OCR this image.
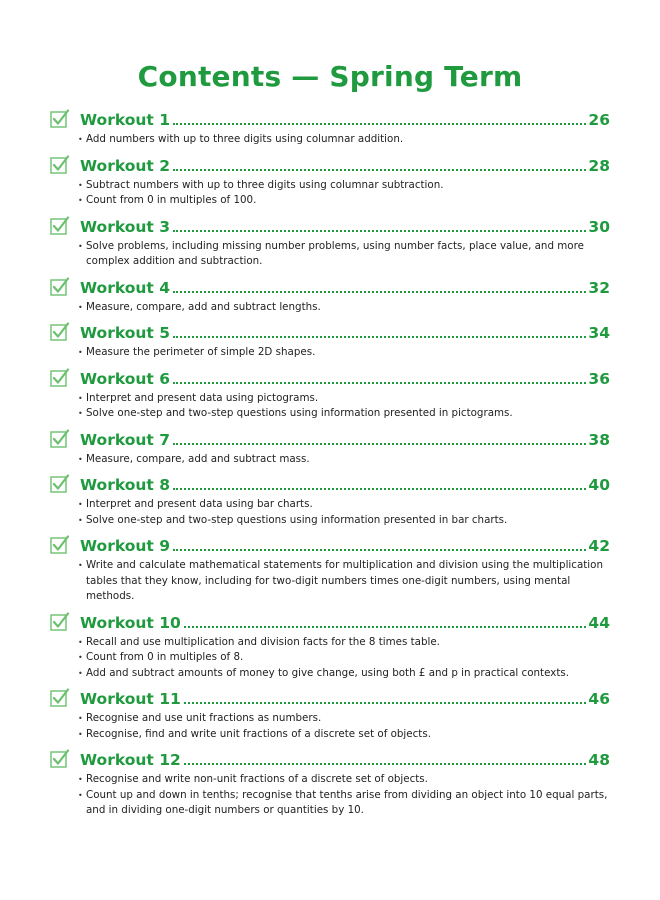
Contents — Spring Term
Workout 1	26
• Add numbers with up to three digits using columnar addition.
Workout 2	28
• Subtract numbers with up to three digits using columnar subtraction.
• Count from 0 in multiples of 100.
Workout 3	30
• Solve problems, including missing number problems, using number facts, place value, and more complex addition and subtraction.
Workout 4	32
• Measure, compare, add and subtract lengths.
Workout 5	34
• Measure the perimeter of simple 2D shapes.
Workout 6	36
• Interpret and present data using pictograms.
• Solve one-step and two-step questions using information presented in pictograms.
Workout 7	38
• Measure, compare, add and subtract mass.
Workout 8	40
• Interpret and present data using bar charts.
• Solve one-step and two-step questions using information presented in bar charts.
Workout 9	42
• Write and calculate mathematical statements for multiplication and division using the multiplication tables that they know, including for two-digit numbers times one-digit numbers, using mental methods.
Workout 10	44
• Recall and use multiplication and division facts for the 8 times table.
• Count from 0 in multiples of 8.
• Add and subtract amounts of money to give change, using both £ and p in practical contexts.
Workout 11	46
• Recognise and use unit fractions as numbers.
• Recognise, find and write unit fractions of a discrete set of objects.
Workout 12	48
• Recognise and write non-unit fractions of a discrete set of objects.
• Count up and down in tenths; recognise that tenths arise from dividing an object into 10 equal parts, and in dividing one-digit numbers or quantities by 10.
